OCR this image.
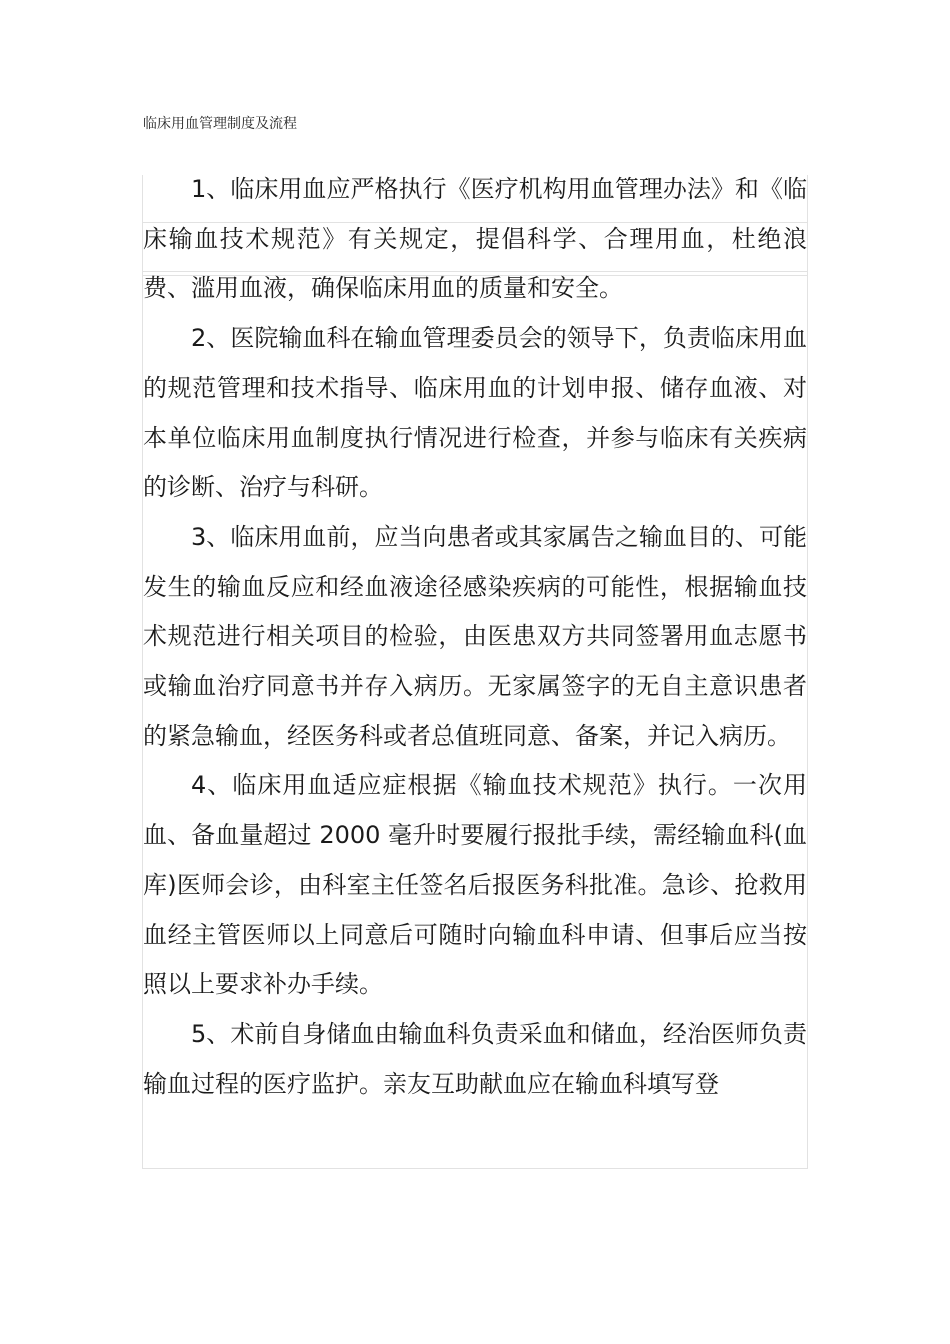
临床用血管理制度及流程

1、临床用血应严格执行《医疗机构用血管理办法》和《临床输血技术规范》有关规定，提倡科学、合理用血，杜绝浪费、滥用血液，确保临床用血的质量和安全。

2、医院输血科在输血管理委员会的领导下，负责临床用血的规范管理和技术指导、临床用血的计划申报、储存血液、对本单位临床用血制度执行情况进行检查，并参与临床有关疾病的诊断、治疗与科研。

3、临床用血前，应当向患者或其家属告之输血目的、可能发生的输血反应和经血液途径感染疾病的可能性，根据输血技术规范进行相关项目的检验，由医患双方共同签署用血志愿书或输血治疗同意书并存入病历。无家属签字的无自主意识患者的紧急输血，经医务科或者总值班同意、备案，并记入病历。

4、临床用血适应症根据《输血技术规范》执行。一次用血、备血量超过 2000 毫升时要履行报批手续，需经输血科(血库)医师会诊，由科室主任签名后报医务科批准。急诊、抢救用血经主管医师以上同意后可随时向输血科申请、但事后应当按照以上要求补办手续。

5、术前自身储血由输血科负责采血和储血，经治医师负责输血过程的医疗监护。亲友互助献血应在输血科填写登
